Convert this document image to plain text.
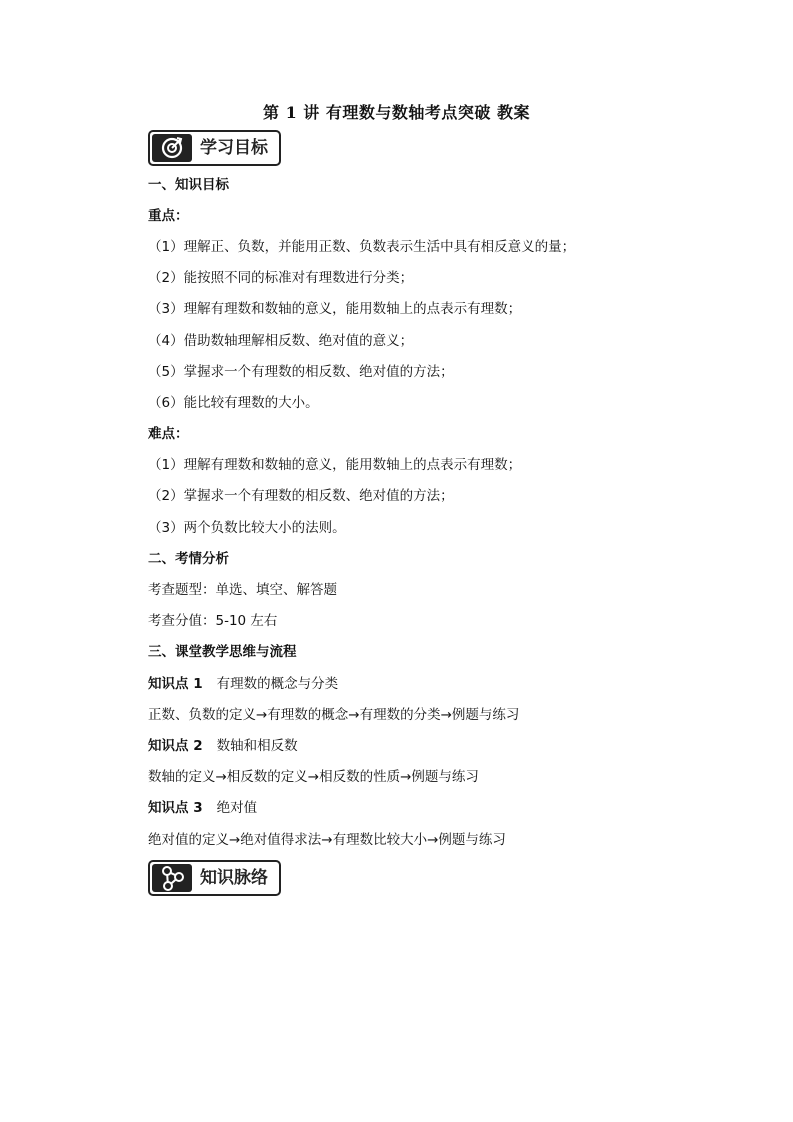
第 1 讲 有理数与数轴考点突破 教案
学习目标
一、知识目标
重点：
（1）理解正、负数，并能用正数、负数表示生活中具有相反意义的量；
（2）能按照不同的标准对有理数进行分类；
（3）理解有理数和数轴的意义，能用数轴上的点表示有理数；
（4）借助数轴理解相反数、绝对值的意义；
（5）掌握求一个有理数的相反数、绝对值的方法；
（6）能比较有理数的大小。
难点：
（1）理解有理数和数轴的意义，能用数轴上的点表示有理数；
（2）掌握求一个有理数的相反数、绝对值的方法；
（3）两个负数比较大小的法则。
二、考情分析
考查题型：单选、填空、解答题
考查分值：5-10 左右
三、课堂教学思维与流程
知识点 1 有理数的概念与分类
正数、负数的定义→有理数的概念→有理数的分类→例题与练习
知识点 2 数轴和相反数
数轴的定义→相反数的定义→相反数的性质→例题与练习
知识点 3 绝对值
绝对值的定义→绝对值得求法→有理数比较大小→例题与练习
知识脉络
